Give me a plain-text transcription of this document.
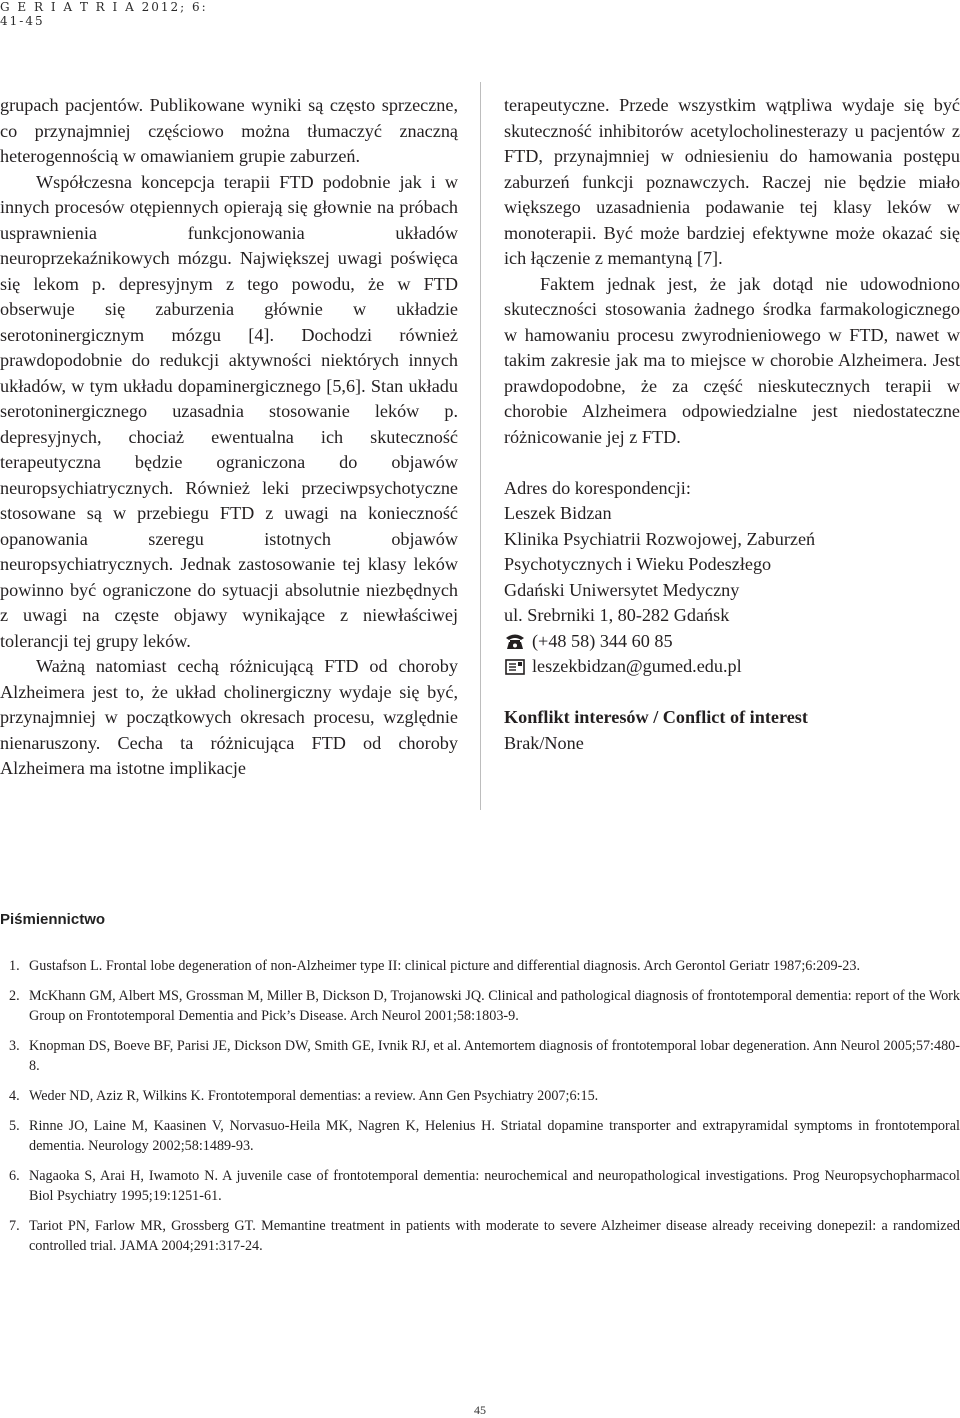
G E R I A T R I A 2012; 6: 41-45

grupach pacjentów. Publikowane wyniki są często sprzeczne, co przynajmniej częściowo można tłumaczyć znaczną heterogennością w omawianiem grupie zaburzeń.

Współczesna koncepcja terapii FTD podobnie jak i w innych procesów otępiennych opierają się głownie na próbach usprawnienia funkcjonowania układów neuroprzekaźnikowych mózgu. Największej uwagi poświęca się lekom p. depresyjnym z tego powodu, że w FTD obserwuje się zaburzenia głównie w układzie serotoninergicznym mózgu [4]. Dochodzi również prawdopodobnie do redukcji aktywności niektórych innych układów, w tym układu dopaminergicznego [5,6]. Stan układu serotoninergicznego uzasadnia stosowanie leków p. depresyjnych, chociaż ewentualna ich skuteczność terapeutyczna będzie ograniczona do objawów neuropsychiatrycznych. Również leki przeciwpsychotyczne stosowane są w przebiegu FTD z uwagi na konieczność opanowania szeregu istotnych objawów neuropsychiatrycznych. Jednak zastosowanie tej klasy leków powinno być ograniczone do sytuacji absolutnie niezbędnych z uwagi na częste objawy wynikające z niewłaściwej tolerancji tej grupy leków.

Ważną natomiast cechą różnicującą FTD od choroby Alzheimera jest to, że układ cholinergiczny wydaje się być, przynajmniej w początkowych okresach procesu, względnie nienaruszony. Cecha ta różnicująca FTD od choroby Alzheimera ma istotne implikacje

terapeutyczne. Przede wszystkim wątpliwa wydaje się być skuteczność inhibitorów acetylocholinesterazy u pacjentów z FTD, przynajmniej w odniesieniu do hamowania postępu zaburzeń funkcji poznawczych. Raczej nie będzie miało większego uzasadnienia podawanie tej klasy leków w monoterapii. Być może bardziej efektywne może okazać się ich łączenie z memantyną [7].

Faktem jednak jest, że jak dotąd nie udowodniono skuteczności stosowania żadnego środka farmakologicznego w hamowaniu procesu zwyrodnieniowego w FTD, nawet w takim zakresie jak ma to miejsce w chorobie Alzheimera. Jest prawdopodobne, że za część nieskutecznych terapii w chorobie Alzheimera odpowiedzialne jest niedostateczne różnicowanie jej z FTD.

Adres do korespondencji:
Leszek Bidzan
Klinika Psychiatrii Rozwojowej, Zaburzeń
Psychotycznych i Wieku Podeszłego
Gdański Uniwersytet Medyczny
ul. Srebrniki 1, 80-282 Gdańsk
(+48 58) 344 60 85
leszekbidzan@gumed.edu.pl
Konflikt interesów / Conflict of interest
Brak/None
Piśmiennictwo
1. Gustafson L. Frontal lobe degeneration of non-Alzheimer type II: clinical picture and differential diagnosis. Arch Gerontol Geriatr 1987;6:209-23.
2. McKhann GM, Albert MS, Grossman M, Miller B, Dickson D, Trojanowski JQ. Clinical and pathological diagnosis of frontotemporal dementia: report of the Work Group on Frontotemporal Dementia and Pick’s Disease. Arch Neurol 2001;58:1803-9.
3. Knopman DS, Boeve BF, Parisi JE, Dickson DW, Smith GE, Ivnik RJ, et al. Antemortem diagnosis of frontotemporal lobar degeneration. Ann Neurol 2005;57:480-8.
4. Weder ND, Aziz R, Wilkins K. Frontotemporal dementias: a review. Ann Gen Psychiatry 2007;6:15.
5. Rinne JO, Laine M, Kaasinen V, Norvasuo-Heila MK, Nagren K, Helenius H. Striatal dopamine transporter and extrapyramidal symptoms in frontotemporal dementia. Neurology 2002;58:1489-93.
6. Nagaoka S, Arai H, Iwamoto N. A juvenile case of frontotemporal dementia: neurochemical and neuropathological investigations. Prog Neuropsychopharmacol Biol Psychiatry 1995;19:1251-61.
7. Tariot PN, Farlow MR, Grossberg GT. Memantine treatment in patients with moderate to severe Alzheimer disease already receiving donepezil: a randomized controlled trial. JAMA 2004;291:317-24.
45
